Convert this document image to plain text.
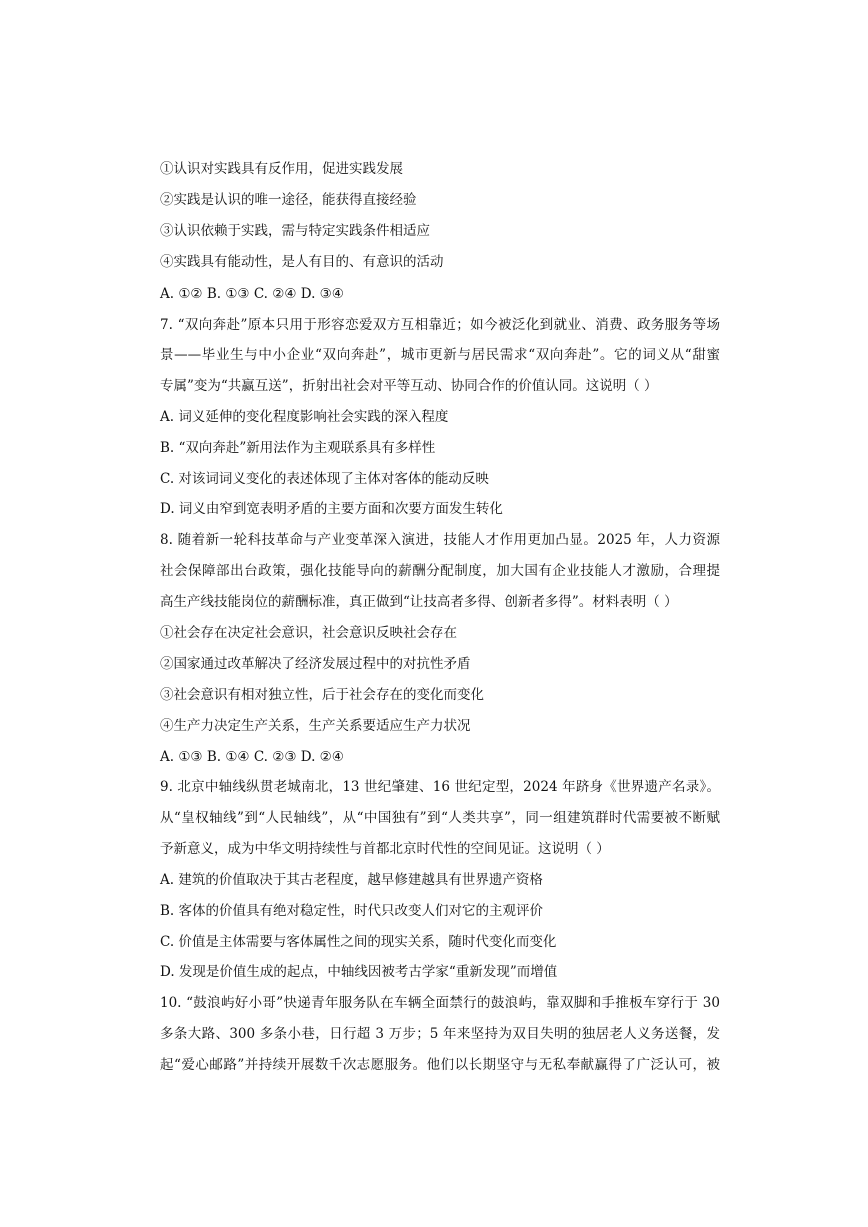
①认识对实践具有反作用，促进实践发展
②实践是认识的唯一途径，能获得直接经验
③认识依赖于实践，需与特定实践条件相适应
④实践具有能动性，是人有目的、有意识的活动
A. ①② B. ①③ C. ②④ D. ③④
7. “双向奔赴”原本只用于形容恋爱双方互相靠近；如今被泛化到就业、消费、政务服务等场
景——毕业生与中小企业“双向奔赴”，城市更新与居民需求“双向奔赴”。它的词义从“甜蜜
专属”变为“共赢互送”，折射出社会对平等互动、协同合作的价值认同。这说明（ ）
A. 词义延伸的变化程度影响社会实践的深入程度
B. “双向奔赴”新用法作为主观联系具有多样性
C. 对该词词义变化的表述体现了主体对客体的能动反映
D. 词义由窄到宽表明矛盾的主要方面和次要方面发生转化
8. 随着新一轮科技革命与产业变革深入演进，技能人才作用更加凸显。2025 年，人力资源
社会保障部出台政策，强化技能导向的薪酬分配制度，加大国有企业技能人才激励，合理提
高生产线技能岗位的薪酬标准，真正做到“让技高者多得、创新者多得”。材料表明（ ）
①社会存在决定社会意识，社会意识反映社会存在
②国家通过改革解决了经济发展过程中的对抗性矛盾
③社会意识有相对独立性，后于社会存在的变化而变化
④生产力决定生产关系，生产关系要适应生产力状况
A. ①③ B. ①④ C. ②③ D. ②④
9. 北京中轴线纵贯老城南北，13 世纪肇建、16 世纪定型，2024 年跻身《世界遗产名录》。
从“皇权轴线”到“人民轴线”，从“中国独有”到“人类共享”，同一组建筑群时代需要被不断赋
予新意义，成为中华文明持续性与首都北京时代性的空间见证。这说明（ ）
A. 建筑的价值取决于其古老程度，越早修建越具有世界遗产资格
B. 客体的价值具有绝对稳定性，时代只改变人们对它的主观评价
C. 价值是主体需要与客体属性之间的现实关系，随时代变化而变化
D. 发现是价值生成的起点，中轴线因被考古学家“重新发现”而增值
10. “鼓浪屿好小哥”快递青年服务队在车辆全面禁行的鼓浪屿，靠双脚和手推板车穿行于 30
多条大路、300 多条小巷，日行超 3 万步；5 年来坚持为双目失明的独居老人义务送餐，发
起“爱心邮路”并持续开展数千次志愿服务。他们以长期坚守与无私奉献赢得了广泛认可，被
